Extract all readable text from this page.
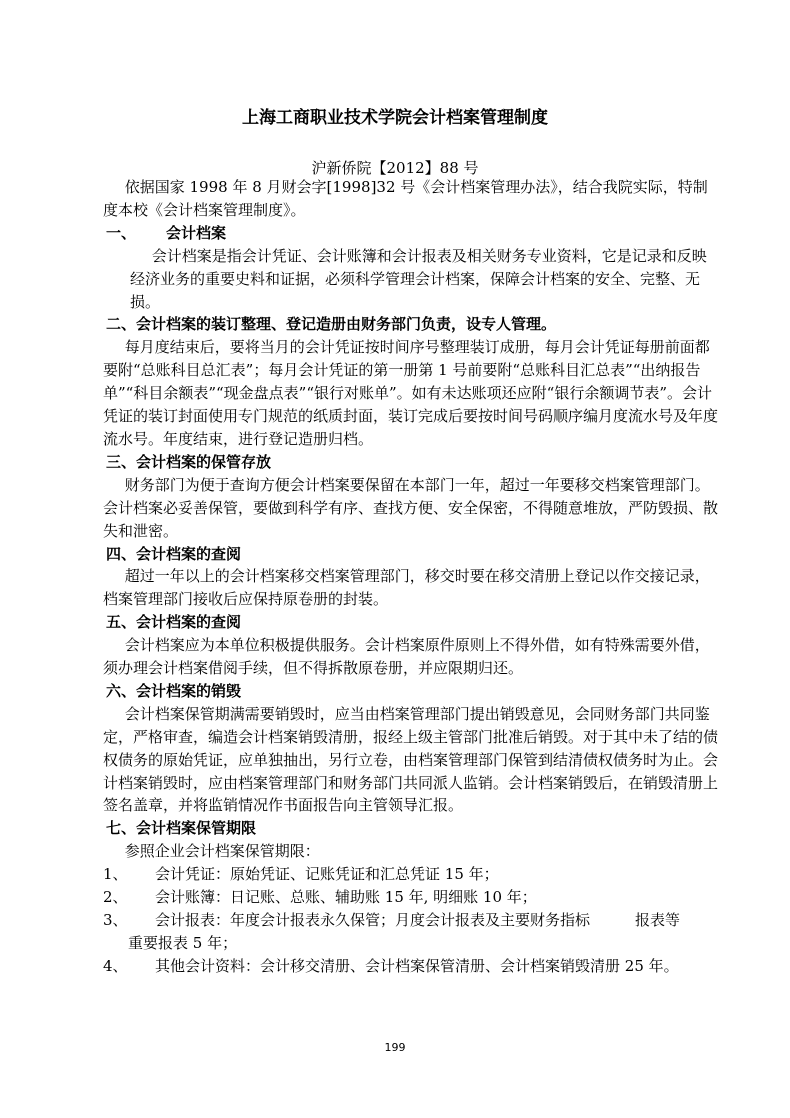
上海工商职业技术学院会计档案管理制度
沪新侨院【2012】88 号

依据国家 1998 年 8 月财会字[1998]32 号《会计档案管理办法》，结合我院实际，特制度本校《会计档案管理制度》。

一、 会计档案

会计档案是指会计凭证、会计账簿和会计报表及相关财务专业资料，它是记录和反映经济业务的重要史料和证据，必须科学管理会计档案，保障会计档案的安全、完整、无损。

二、会计档案的装订整理、登记造册由财务部门负责，设专人管理。

每月度结束后，要将当月的会计凭证按时间序号整理装订成册，每月会计凭证每册前面都要附“总账科目总汇表”；每月会计凭证的第一册第 1 号前要附“总账科目汇总表”“出纳报告单”“科目余额表”“现金盘点表”“银行对账单”。如有未达账项还应附“银行余额调节表”。会计凭证的装订封面使用专门规范的纸质封面，装订完成后要按时间号码顺序编月度流水号及年度流水号。年度结束，进行登记造册归档。

三、会计档案的保管存放

财务部门为便于查询方便会计档案要保留在本部门一年，超过一年要移交档案管理部门。会计档案必妥善保管，要做到科学有序、查找方便、安全保密，不得随意堆放，严防毁损、散失和泄密。

四、会计档案的查阅

超过一年以上的会计档案移交档案管理部门，移交时要在移交清册上登记以作交接记录，档案管理部门接收后应保持原卷册的封装。

五、会计档案的查阅

会计档案应为本单位积极提供服务。会计档案原件原则上不得外借，如有特殊需要外借，须办理会计档案借阅手续，但不得拆散原卷册，并应限期归还。

六、会计档案的销毁

会计档案保管期满需要销毁时，应当由档案管理部门提出销毁意见，会同财务部门共同鉴定，严格审查，编造会计档案销毁清册，报经上级主管部门批准后销毁。对于其中未了结的债权债务的原始凭证，应单独抽出，另行立卷，由档案管理部门保管到结清债权债务时为止。会计档案销毁时，应由档案管理部门和财务部门共同派人监销。会计档案销毁后，在销毁清册上签名盖章，并将监销情况作书面报告向主管领导汇报。

七、会计档案保管期限

参照企业会计档案保管期限：

1、	会计凭证：原始凭证、记账凭证和汇总凭证 15 年；
2、	会计账簿：日记账、总账、辅助账 15 年, 明细账 10 年；
3、	会计报表：年度会计报表永久保管；月度会计报表及主要财务指标　　　报表等

重要报表 5 年；

4、	其他会计资料：会计移交清册、会计档案保管清册、会计档案销毁清册 25 年。
199
